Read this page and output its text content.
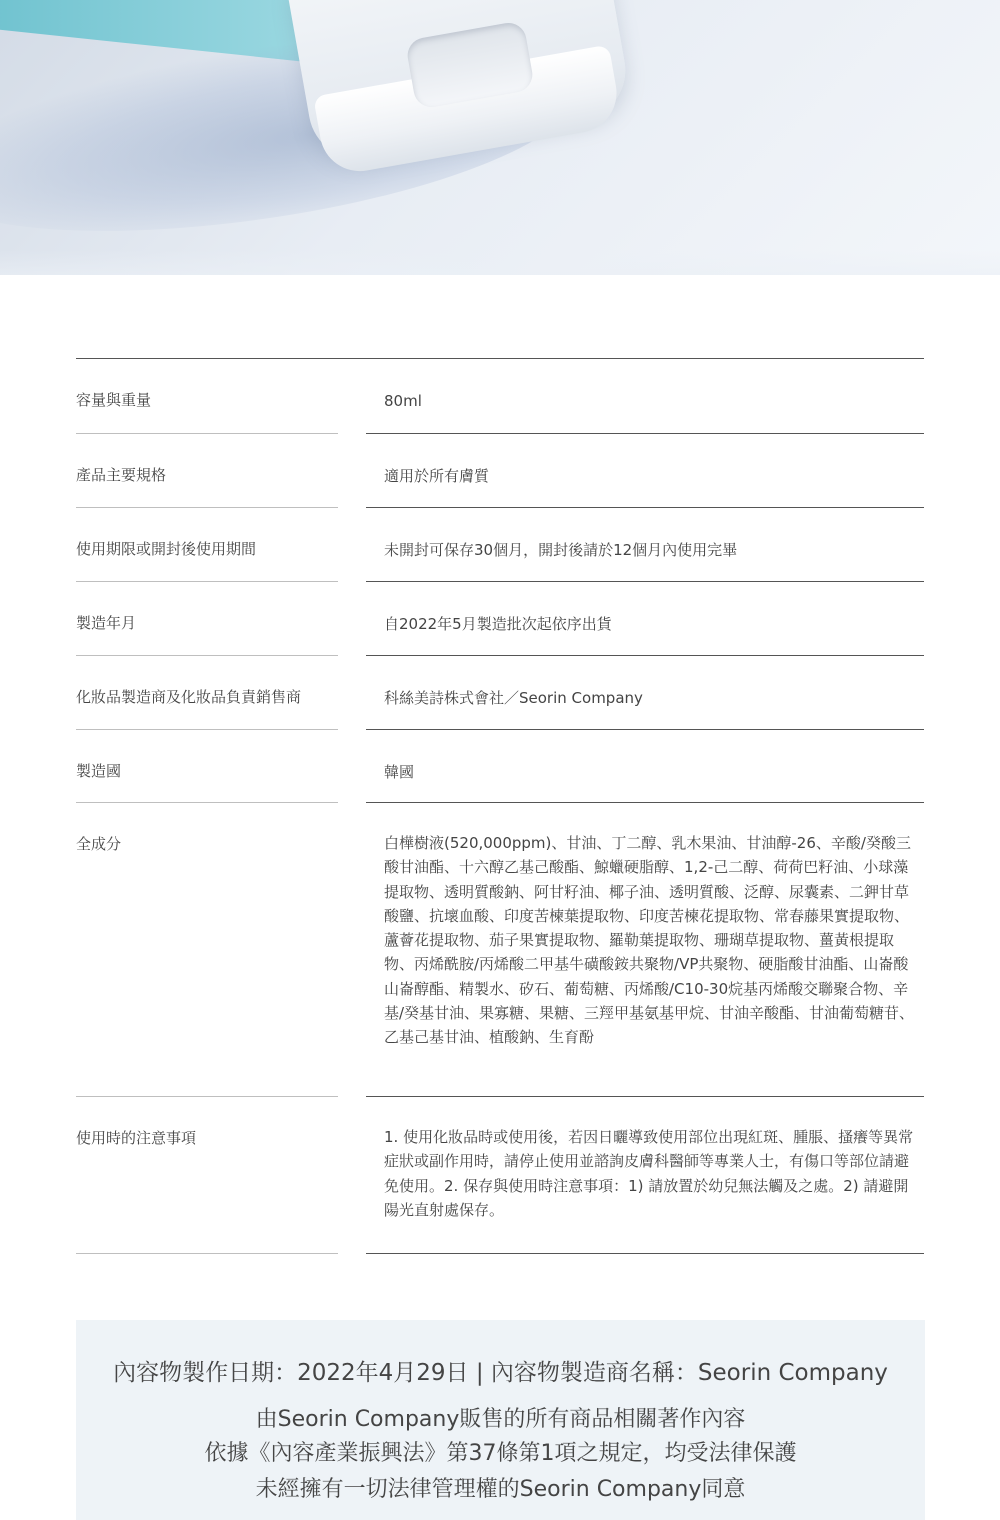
容量與重量	80ml
產品主要規格	適用於所有膚質
使用期限或開封後使用期間	未開封可保存30個月，開封後請於12個月內使用完畢
製造年月	自2022年5月製造批次起依序出貨
化妝品製造商及化妝品負責銷售商	科絲美詩株式會社／Seorin Company
製造國	韓國
全成分	白樺樹液(520,000ppm)、甘油、丁二醇、乳木果油、甘油醇-26、辛酸/癸酸三酸甘油酯、十六醇乙基己酸酯、鯨蠟硬脂醇、1,2-己二醇、荷荷巴籽油、小球藻提取物、透明質酸鈉、阿甘籽油、椰子油、透明質酸、泛醇、尿囊素、二鉀甘草酸鹽、抗壞血酸、印度苦楝葉提取物、印度苦楝花提取物、常春藤果實提取物、蘆薈花提取物、茄子果實提取物、羅勒葉提取物、珊瑚草提取物、薑黃根提取物、丙烯酰胺/丙烯酸二甲基牛磺酸銨共聚物/VP共聚物、硬脂酸甘油酯、山崙酸山崙醇酯、精製水、矽石、葡萄糖、丙烯酸/C10-30烷基丙烯酸交聯聚合物、辛基/癸基甘油、果寡糖、果糖、三羥甲基氨基甲烷、甘油辛酸酯、甘油葡萄糖苷、乙基己基甘油、植酸鈉、生育酚
使用時的注意事項	1. 使用化妝品時或使用後，若因日曬導致使用部位出現紅斑、腫脹、搔癢等異常症狀或副作用時，請停止使用並諮詢皮膚科醫師等專業人士，有傷口等部位請避免使用。2. 保存與使用時注意事項：1) 請放置於幼兒無法觸及之處。2) 請避開陽光直射處保存。
內容物製作日期：2022年4月29日 | 內容物製造商名稱：Seorin Company
由Seorin Company販售的所有商品相關著作內容
依據《內容產業振興法》第37條第1項之規定，均受法律保護
未經擁有一切法律管理權的Seorin Company同意
